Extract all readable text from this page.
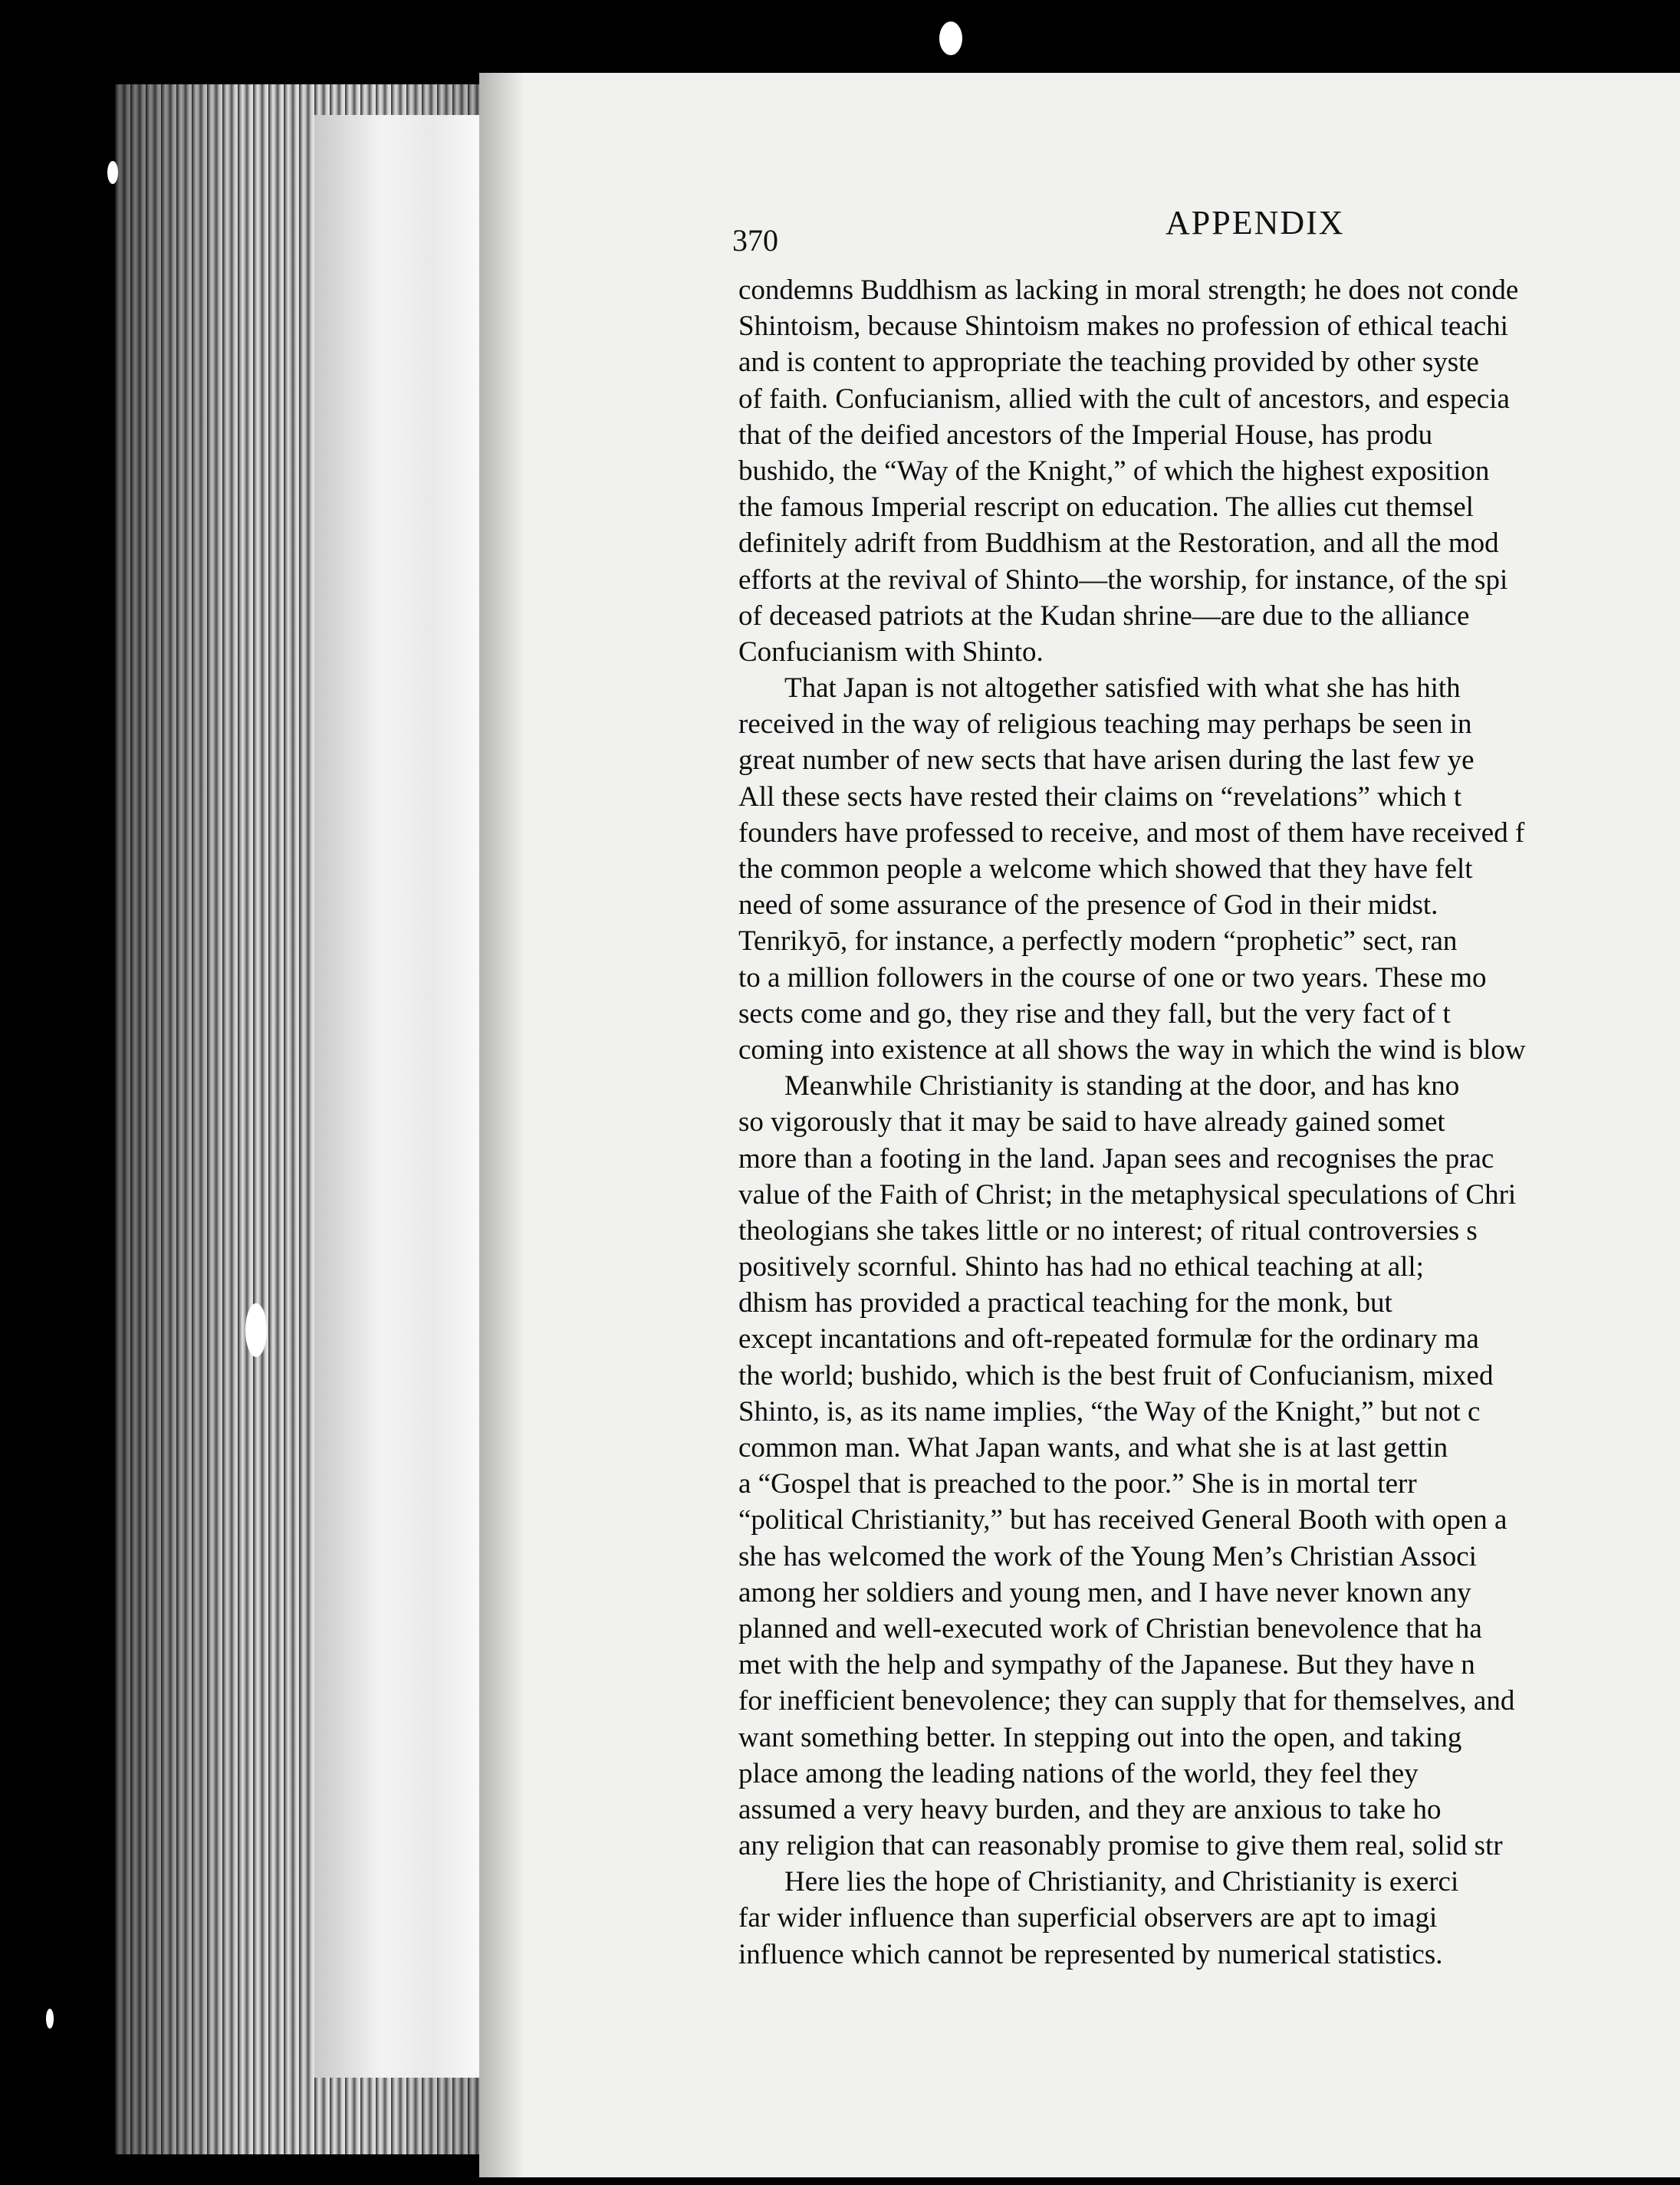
370	APPENDIX
condemns Buddhism as lacking in moral strength; he does not conde
Shintoism, because Shintoism makes no profession of ethical teachi
and is content to appropriate the teaching provided by other syste
of faith. Confucianism, allied with the cult of ancestors, and especia
that of the deified ancestors of the Imperial House, has produ
bushido, the “Way of the Knight,” of which the highest exposition
the famous Imperial rescript on education. The allies cut themsel
definitely adrift from Buddhism at the Restoration, and all the mod
efforts at the revival of Shinto—the worship, for instance, of the spi
of deceased patriots at the Kudan shrine—are due to the alliance
Confucianism with Shinto.
That Japan is not altogether satisfied with what she has hith
received in the way of religious teaching may perhaps be seen in
great number of new sects that have arisen during the last few ye
All these sects have rested their claims on “revelations” which t
founders have professed to receive, and most of them have received f
the common people a welcome which showed that they have felt
need of some assurance of the presence of God in their midst.
Tenrikyō, for instance, a perfectly modern “prophetic” sect, ran
to a million followers in the course of one or two years. These mo
sects come and go, they rise and they fall, but the very fact of t
coming into existence at all shows the way in which the wind is blow
Meanwhile Christianity is standing at the door, and has kno
so vigorously that it may be said to have already gained somet
more than a footing in the land. Japan sees and recognises the prac
value of the Faith of Christ; in the metaphysical speculations of Chri
theologians she takes little or no interest; of ritual controversies s
positively scornful. Shinto has had no ethical teaching at all;
dhism has provided a practical teaching for the monk, but
except incantations and oft-repeated formulæ for the ordinary ma
the world; bushido, which is the best fruit of Confucianism, mixed
Shinto, is, as its name implies, “the Way of the Knight,” but not c
common man. What Japan wants, and what she is at last gettin
a “Gospel that is preached to the poor.” She is in mortal terr
“political Christianity,” but has received General Booth with open a
she has welcomed the work of the Young Men’s Christian Associ
among her soldiers and young men, and I have never known any
planned and well-executed work of Christian benevolence that ha
met with the help and sympathy of the Japanese. But they have n
for inefficient benevolence; they can supply that for themselves, and
want something better. In stepping out into the open, and taking
place among the leading nations of the world, they feel they
assumed a very heavy burden, and they are anxious to take ho
any religion that can reasonably promise to give them real, solid str
Here lies the hope of Christianity, and Christianity is exerci
far wider influence than superficial observers are apt to imagi
influence which cannot be represented by numerical statistics.
